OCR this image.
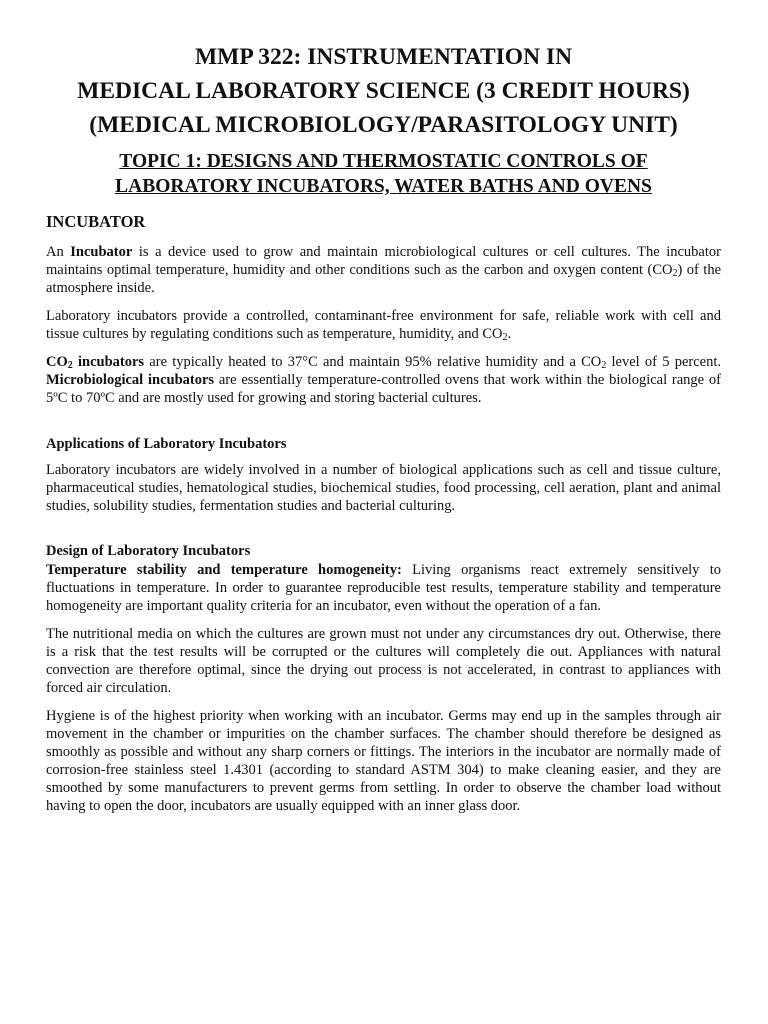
MMP 322: INSTRUMENTATION IN

MEDICAL LABORATORY SCIENCE (3 CREDIT HOURS)

(MEDICAL MICROBIOLOGY/PARASITOLOGY UNIT)

TOPIC 1: DESIGNS AND THERMOSTATIC CONTROLS OF

LABORATORY INCUBATORS, WATER BATHS AND OVENS

INCUBATOR

An Incubator is a device used to grow and maintain microbiological cultures or cell cultures. The incubator maintains optimal temperature, humidity and other conditions such as the carbon and oxygen content $(CO_2)$ of the atmosphere inside.

Laboratory incubators provide a controlled, contaminant-free environment for safe, reliable work with cell and tissue cultures by regulating conditions such as temperature, humidity, and $CO_2$.

$CO_2$ incubators are typically heated to 37°C and maintain 95% relative humidity and a $CO_2$ level of 5 percent. Microbiological incubators are essentially temperature-controlled ovens that work within the biological range of 5ºC to 70ºC and are mostly used for growing and storing bacterial cultures.

Applications of Laboratory Incubators

Laboratory incubators are widely involved in a number of biological applications such as cell and tissue culture, pharmaceutical studies, hematological studies, biochemical studies, food processing, cell aeration, plant and animal studies, solubility studies, fermentation studies and bacterial culturing.

Design of Laboratory Incubators

Temperature stability and temperature homogeneity: Living organisms react extremely sensitively to fluctuations in temperature. In order to guarantee reproducible test results, temperature stability and temperature homogeneity are important quality criteria for an incubator, even without the operation of a fan.

The nutritional media on which the cultures are grown must not under any circumstances dry out. Otherwise, there is a risk that the test results will be corrupted or the cultures will completely die out. Appliances with natural convection are therefore optimal, since the drying out process is not accelerated, in contrast to appliances with forced air circulation.

Hygiene is of the highest priority when working with an incubator. Germs may end up in the samples through air movement in the chamber or impurities on the chamber surfaces. The chamber should therefore be designed as smoothly as possible and without any sharp corners or fittings. The interiors in the incubator are normally made of corrosion-free stainless steel 1.4301 (according to standard ASTM 304) to make cleaning easier, and they are smoothed by some manufacturers to prevent germs from settling. In order to observe the chamber load without having to open the door, incubators are usually equipped with an inner glass door.
